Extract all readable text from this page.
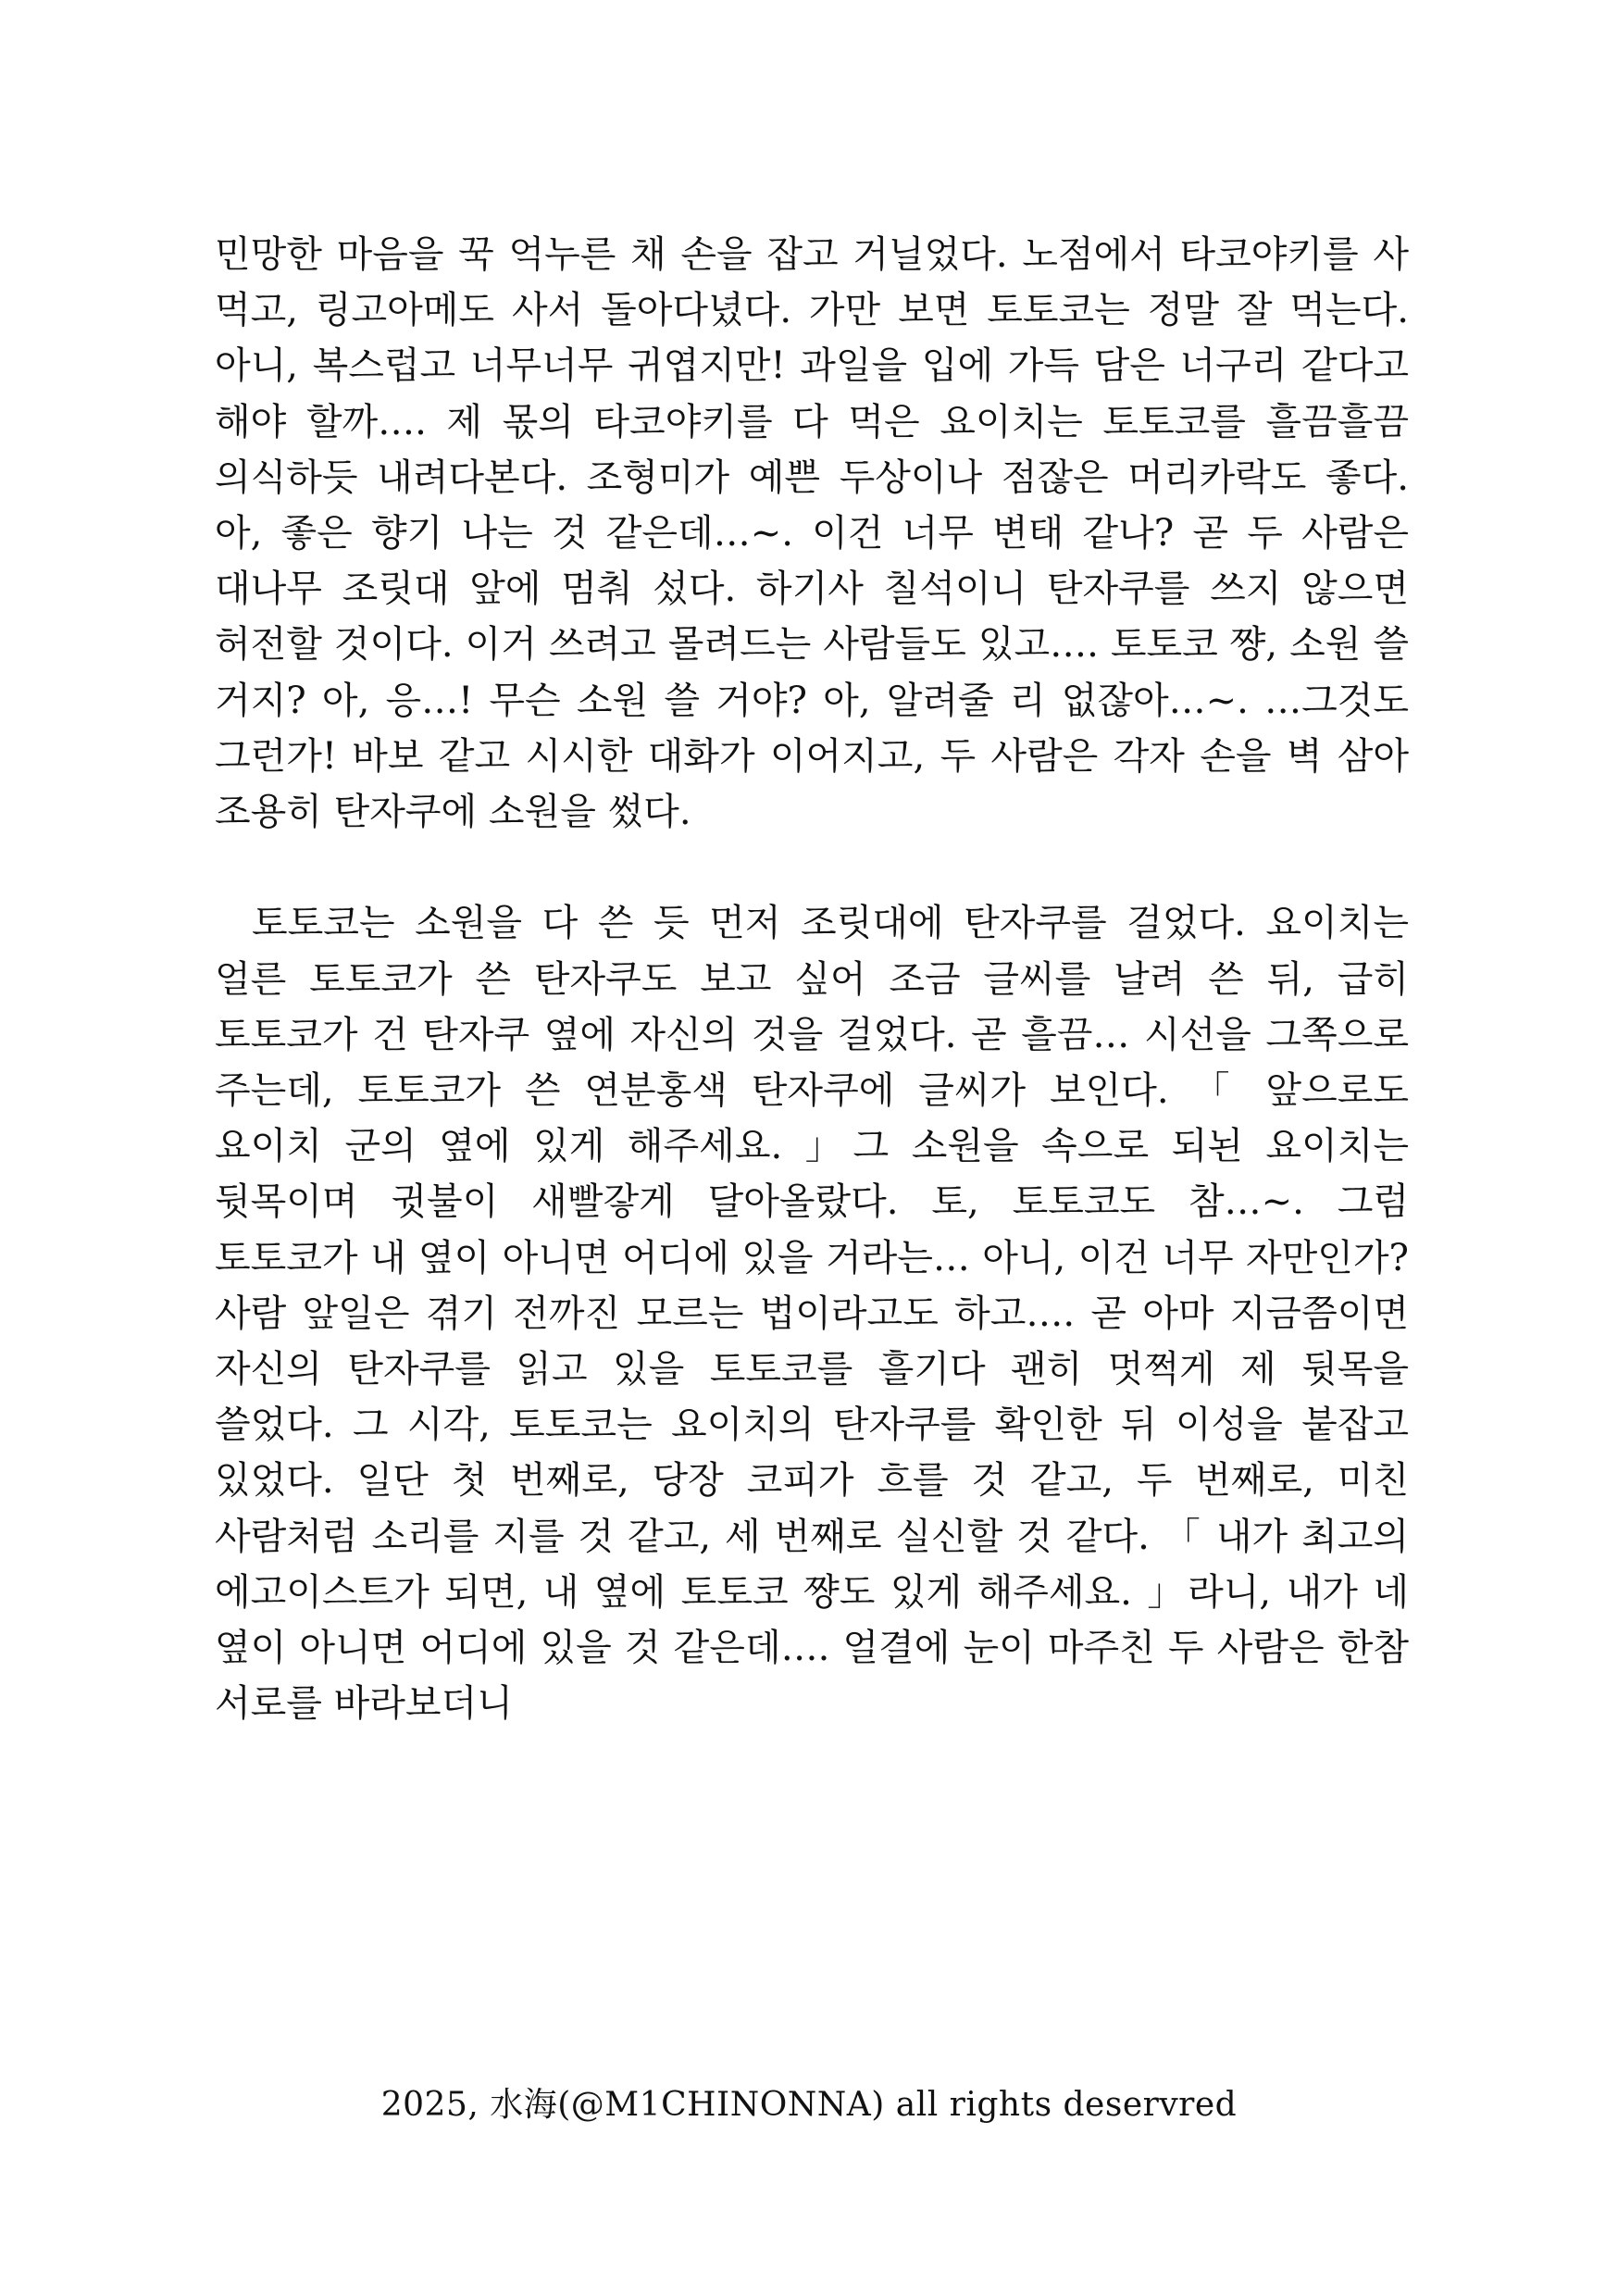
민망한 마음을 꾹 억누른 채 손을 잡고 거닐었다. 노점에서 타코야키를 사 먹고, 링고아메도 사서 돌아다녔다. 가만 보면 토토코는 정말 잘 먹는다. 아니, 복스럽고 너무너무 귀엽지만! 과일을 입에 가득 담은 너구리 같다고 해야 할까…. 제 몫의 타코야키를 다 먹은 요이치는 토토코를 흘끔흘끔 의식하듯 내려다본다. 조형미가 예쁜 두상이나 점잖은 머리카락도 좋다. 아, 좋은 향기 나는 것 같은데…~. 이건 너무 변태 같나? 곧 두 사람은 대나무 조릿대 앞에 멈춰 섰다. 하기사 칠석이니 탄자쿠를 쓰지 않으면 허전할 것이다. 이거 쓰려고 몰려드는 사람들도 있고…. 토토코 쨩, 소원 쓸 거지? 아, 응…! 무슨 소원 쓸 거야? 아, 알려줄 리 없잖아…~. …그것도 그런가! 바보 같고 시시한 대화가 이어지고, 두 사람은 각자 손을 벽 삼아 조용히 탄자쿠에 소원을 썼다.

토토코는 소원을 다 쓴 듯 먼저 조릿대에 탄자쿠를 걸었다. 요이치는 얼른 토토코가 쓴 탄자쿠도 보고 싶어 조금 글씨를 날려 쓴 뒤, 급히 토토코가 건 탄자쿠 옆에 자신의 것을 걸었다. 곧 흘끔… 시선을 그쪽으로 주는데, 토토코가 쓴 연분홍색 탄자쿠에 글씨가 보인다. 「 앞으로도 요이치 군의 옆에 있게 해주세요. 」그 소원을 속으로 되뇐 요이치는 뒷목이며 귓불이 새빨갛게 달아올랐다. 토, 토토코도 참…~. 그럼 토토코가 내 옆이 아니면 어디에 있을 거라는… 아니, 이건 너무 자만인가? 사람 앞일은 겪기 전까진 모르는 법이라고도 하고…. 곧 아마 지금쯤이면 자신의 탄자쿠를 읽고 있을 토토코를 흘기다 괜히 멋쩍게 제 뒷목을 쓸었다. 그 시각, 토토코는 요이치의 탄자쿠를 확인한 뒤 이성을 붙잡고 있었다. 일단 첫 번째로, 당장 코피가 흐를 것 같고, 두 번째로, 미친 사람처럼 소리를 지를 것 같고, 세 번째로 실신할 것 같다. 「 내가 최고의 에고이스트가 되면, 내 옆에 토토코 쨩도 있게 해주세요. 」라니, 내가 네 옆이 아니면 어디에 있을 것 같은데…. 얼결에 눈이 마주친 두 사람은 한참 서로를 바라보더니

2025, 水海(@M1CHINONNA) all rights deservred
